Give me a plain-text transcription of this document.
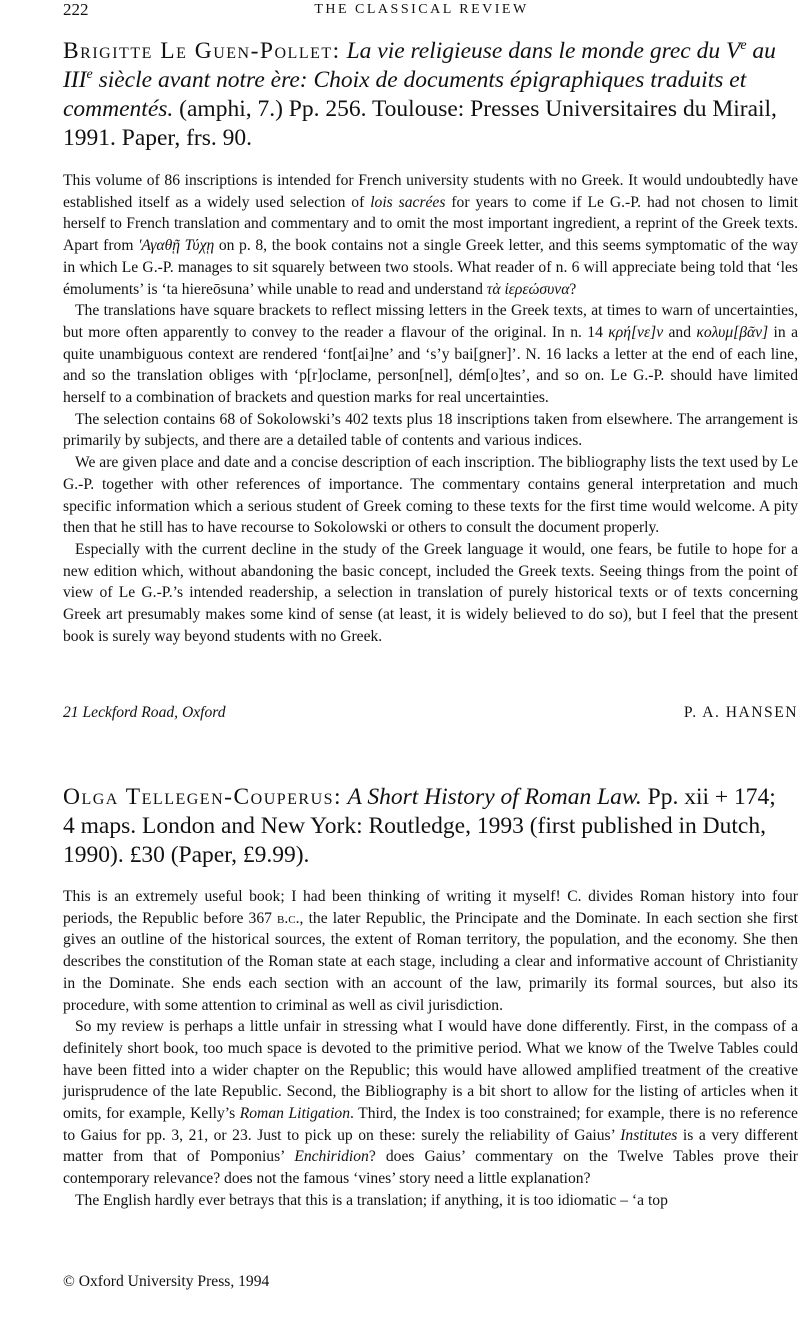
222	THE CLASSICAL REVIEW
Brigitte Le Guen-Pollet: La vie religieuse dans le monde grec du Ve au IIIe siècle avant notre ère: Choix de documents épigraphiques traduits et commentés. (amphi, 7.) Pp. 256. Toulouse: Presses Universitaires du Mirail, 1991. Paper, frs. 90.

This volume of 86 inscriptions is intended for French university students with no Greek. It would undoubtedly have established itself as a widely used selection of lois sacrées for years to come if Le G.-P. had not chosen to limit herself to French translation and commentary and to omit the most important ingredient, a reprint of the Greek texts. Apart from 'Αγαθῇ Τύχῃ on p. 8, the book contains not a single Greek letter, and this seems symptomatic of the way in which Le G.-P. manages to sit squarely between two stools. What reader of n. 6 will appreciate being told that ‘les émoluments’ is ‘ta hiereōsuna’ while unable to read and understand τὰ ἱερεώσυνα?

The translations have square brackets to reflect missing letters in the Greek texts, at times to warn of uncertainties, but more often apparently to convey to the reader a flavour of the original. In n. 14 κρή[νε]ν and κολυμ[βᾶν] in a quite unambiguous context are rendered ‘font[ai]ne’ and ‘s’y bai[gner]’. N. 16 lacks a letter at the end of each line, and so the translation obliges with ‘p[r]oclame, person[nel], dém[o]tes’, and so on. Le G.-P. should have limited herself to a combination of brackets and question marks for real uncertainties.

The selection contains 68 of Sokolowski’s 402 texts plus 18 inscriptions taken from elsewhere. The arrangement is primarily by subjects, and there are a detailed table of contents and various indices.

We are given place and date and a concise description of each inscription. The bibliography lists the text used by Le G.-P. together with other references of importance. The commentary contains general interpretation and much specific information which a serious student of Greek coming to these texts for the first time would welcome. A pity then that he still has to have recourse to Sokolowski or others to consult the document properly.

Especially with the current decline in the study of the Greek language it would, one fears, be futile to hope for a new edition which, without abandoning the basic concept, included the Greek texts. Seeing things from the point of view of Le G.-P.’s intended readership, a selection in translation of purely historical texts or of texts concerning Greek art presumably makes some kind of sense (at least, it is widely believed to do so), but I feel that the present book is surely way beyond students with no Greek.

21 Leckford Road, Oxford	P. A. HANSEN
Olga Tellegen-Couperus: A Short History of Roman Law. Pp. xii + 174; 4 maps. London and New York: Routledge, 1993 (first published in Dutch, 1990). £30 (Paper, £9.99).

This is an extremely useful book; I had been thinking of writing it myself! C. divides Roman history into four periods, the Republic before 367 b.c., the later Republic, the Principate and the Dominate. In each section she first gives an outline of the historical sources, the extent of Roman territory, the population, and the economy. She then describes the constitution of the Roman state at each stage, including a clear and informative account of Christianity in the Dominate. She ends each section with an account of the law, primarily its formal sources, but also its procedure, with some attention to criminal as well as civil jurisdiction.

So my review is perhaps a little unfair in stressing what I would have done differently. First, in the compass of a definitely short book, too much space is devoted to the primitive period. What we know of the Twelve Tables could have been fitted into a wider chapter on the Republic; this would have allowed amplified treatment of the creative jurisprudence of the late Republic. Second, the Bibliography is a bit short to allow for the listing of articles when it omits, for example, Kelly’s Roman Litigation. Third, the Index is too constrained; for example, there is no reference to Gaius for pp. 3, 21, or 23. Just to pick up on these: surely the reliability of Gaius’ Institutes is a very different matter from that of Pomponius’ Enchiridion? does Gaius’ commentary on the Twelve Tables prove their contemporary relevance? does not the famous ‘vines’ story need a little explanation?

The English hardly ever betrays that this is a translation; if anything, it is too idiomatic – ‘a top

© Oxford University Press, 1994
